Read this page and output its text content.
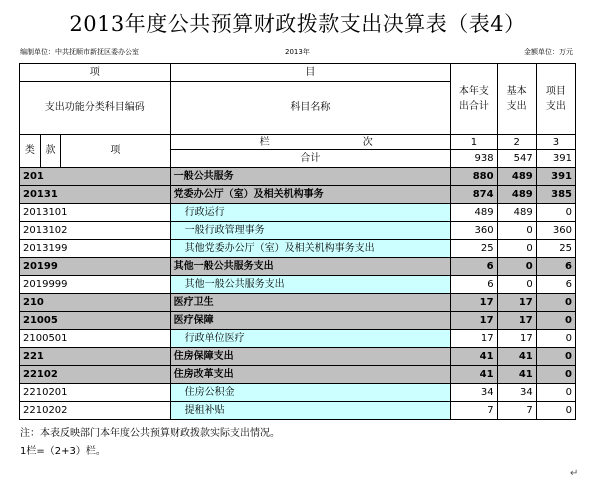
2013年度公共预算财政拨款支出决算表（表4）
编制单位：中共抚顺市新抚区委办公室	2013年	金额单位：万元
项			目	本年支出合计	基本支出	项目支出
支出功能分类科目编码			科目名称			

类	款	项	栏 次	1	2	3
			合计	938	547	391
201			一般公共服务	880	489	391
20131			党委办公厅（室）及相关机构事务	874	489	385
2013101			行政运行	489	489	0
2013102			一般行政管理事务	360	0	360
2013199			其他党委办公厅（室）及相关机构事务支出	25	0	25
20199			其他一般公共服务支出	6	0	6
2019999			其他一般公共服务支出	6	0	6
210			医疗卫生	17	17	0
21005			医疗保障	17	17	0
2100501			行政单位医疗	17	17	0
221			住房保障支出	41	41	0
22102			住房改革支出	41	41	0
2210201			住房公积金	34	34	0
2210202			提租补贴	7	7	0
注：本表反映部门本年度公共预算财政拨款实际支出情况。
1栏=（2+3）栏。
↵
